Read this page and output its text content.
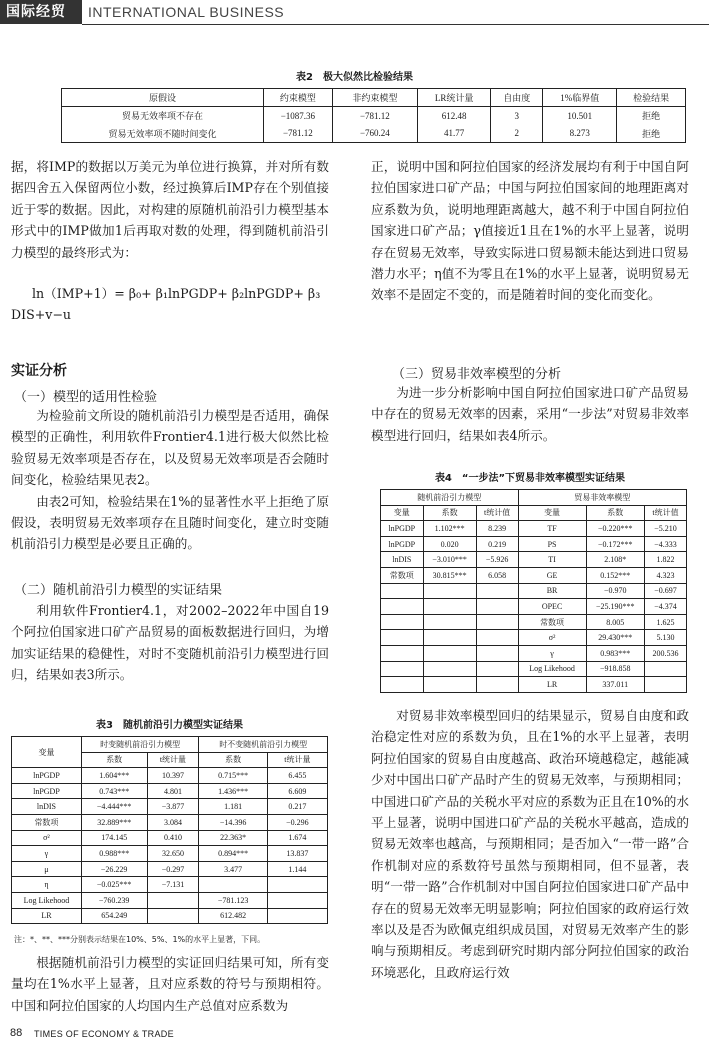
国际经贸	INTERNATIONAL BUSINESS
表2　极大似然比检验结果
原假设	约束模型	非约束模型	LR统计量	自由度	1%临界值	检验结果
贸易无效率项不存在	−1087.36	−781.12	612.48	3	10.501	拒绝
贸易无效率项不随时间变化	−781.12	−760.24	41.77	2	8.273	拒绝

据，将IMP的数据以万美元为单位进行换算，并对所有数据四舍五入保留两位小数，经过换算后IMP存在个别值接近于零的数据。因此，对构建的原随机前沿引力模型基本形式中的IMP做加1后再取对数的处理，得到随机前沿引力模型的最终形式为：

ln（IMP+1）= β₀+ β₁lnPGDP+ β₂lnPGDP+ β₃
DIS+v−u
实证分析
（一）模型的适用性检验

为检验前文所设的随机前沿引力模型是否适用，确保模型的正确性，利用软件Frontier4.1进行极大似然比检验贸易无效率项是否存在，以及贸易无效率项是否会随时间变化，检验结果见表2。

由表2可知，检验结果在1%的显著性水平上拒绝了原假设，表明贸易无效率项存在且随时间变化，建立时变随机前沿引力模型是必要且正确的。

（二）随机前沿引力模型的实证结果

利用软件Frontier4.1，对2002–2022年中国自19个阿拉伯国家进口矿产品贸易的面板数据进行回归，为增加实证结果的稳健性，对时不变随机前沿引力模型进行回归，结果如表3所示。

表3　随机前沿引力模型实证结果
变量	时变随机前沿引力模型		时不变随机前沿引力模型	
	系数	t统计量	系数	t统计量
lnPGDP	1.604***	10.397	0.715***	6.455
lnPGDP	0.743***	4.801	1.436***	6.609
lnDIS	−4.444***	−3.877	1.181	0.217
常数项	32.889***	3.084	−14.396	−0.296
σ²	174.145	0.410	22.363*	1.674
γ	0.988***	32.650	0.894***	13.837
μ	−26.229	−0.297	3.477	1.144
η	−0.025***	−7.131		
Log Likehood	−760.239		−781.123	
LR	654.249		612.482	
注：*、**、***分别表示结果在10%、5%、1%的水平上显著，下同。

根据随机前沿引力模型的实证回归结果可知，所有变量均在1%水平上显著，且对应系数的符号与预期相符。中国和阿拉伯国家的人均国内生产总值对应系数为

正，说明中国和阿拉伯国家的经济发展均有利于中国自阿拉伯国家进口矿产品；中国与阿拉伯国家间的地理距离对应系数为负，说明地理距离越大，越不利于中国自阿拉伯国家进口矿产品；γ值接近1且在1%的水平上显著，说明存在贸易无效率，导致实际进口贸易额未能达到进口贸易潜力水平；η值不为零且在1%的水平上显著，说明贸易无效率不是固定不变的，而是随着时间的变化而变化。

（三）贸易非效率模型的分析

为进一步分析影响中国自阿拉伯国家进口矿产品贸易中存在的贸易无效率的因素，采用“一步法”对贸易非效率模型进行回归，结果如表4所示。

表4　“一步法”下贸易非效率模型实证结果
随机前沿引力模型			贸易非效率模型		
变量	系数	t统计值	变量	系数	t统计值
lnPGDP	1.102***	8.239	TF	−0.220***	−5.210
lnPGDP	0.020	0.219	PS	−0.172***	−4.333
lnDIS	−3.010***	−5.926	TI	2.108*	1.822
常数项	30.815***	6.058	GE	0.152***	4.323
			BR	−0.970	−0.697
			OPEC	−25.190***	−4.374
			常数项	8.005	1.625
			σ²	29.430***	5.130
			γ	0.983***	200.536
			Log Likehood	−918.858	
			LR	337.011	

对贸易非效率模型回归的结果显示，贸易自由度和政治稳定性对应的系数为负，且在1%的水平上显著，表明阿拉伯国家的贸易自由度越高、政治环境越稳定，越能减少对中国出口矿产品时产生的贸易无效率，与预期相同；中国进口矿产品的关税水平对应的系数为正且在10%的水平上显著，说明中国进口矿产品的关税水平越高，造成的贸易无效率也越高，与预期相同；是否加入“一带一路”合作机制对应的系数符号虽然与预期相同，但不显著，表明“一带一路”合作机制对中国自阿拉伯国家进口矿产品中存在的贸易无效率无明显影响；阿拉伯国家的政府运行效率以及是否为欧佩克组织成员国，对贸易无效率产生的影响与预期相反。考虑到研究时期内部分阿拉伯国家的政治环境恶化，且政府运行效

88 TIMES OF ECONOMY & TRADE
